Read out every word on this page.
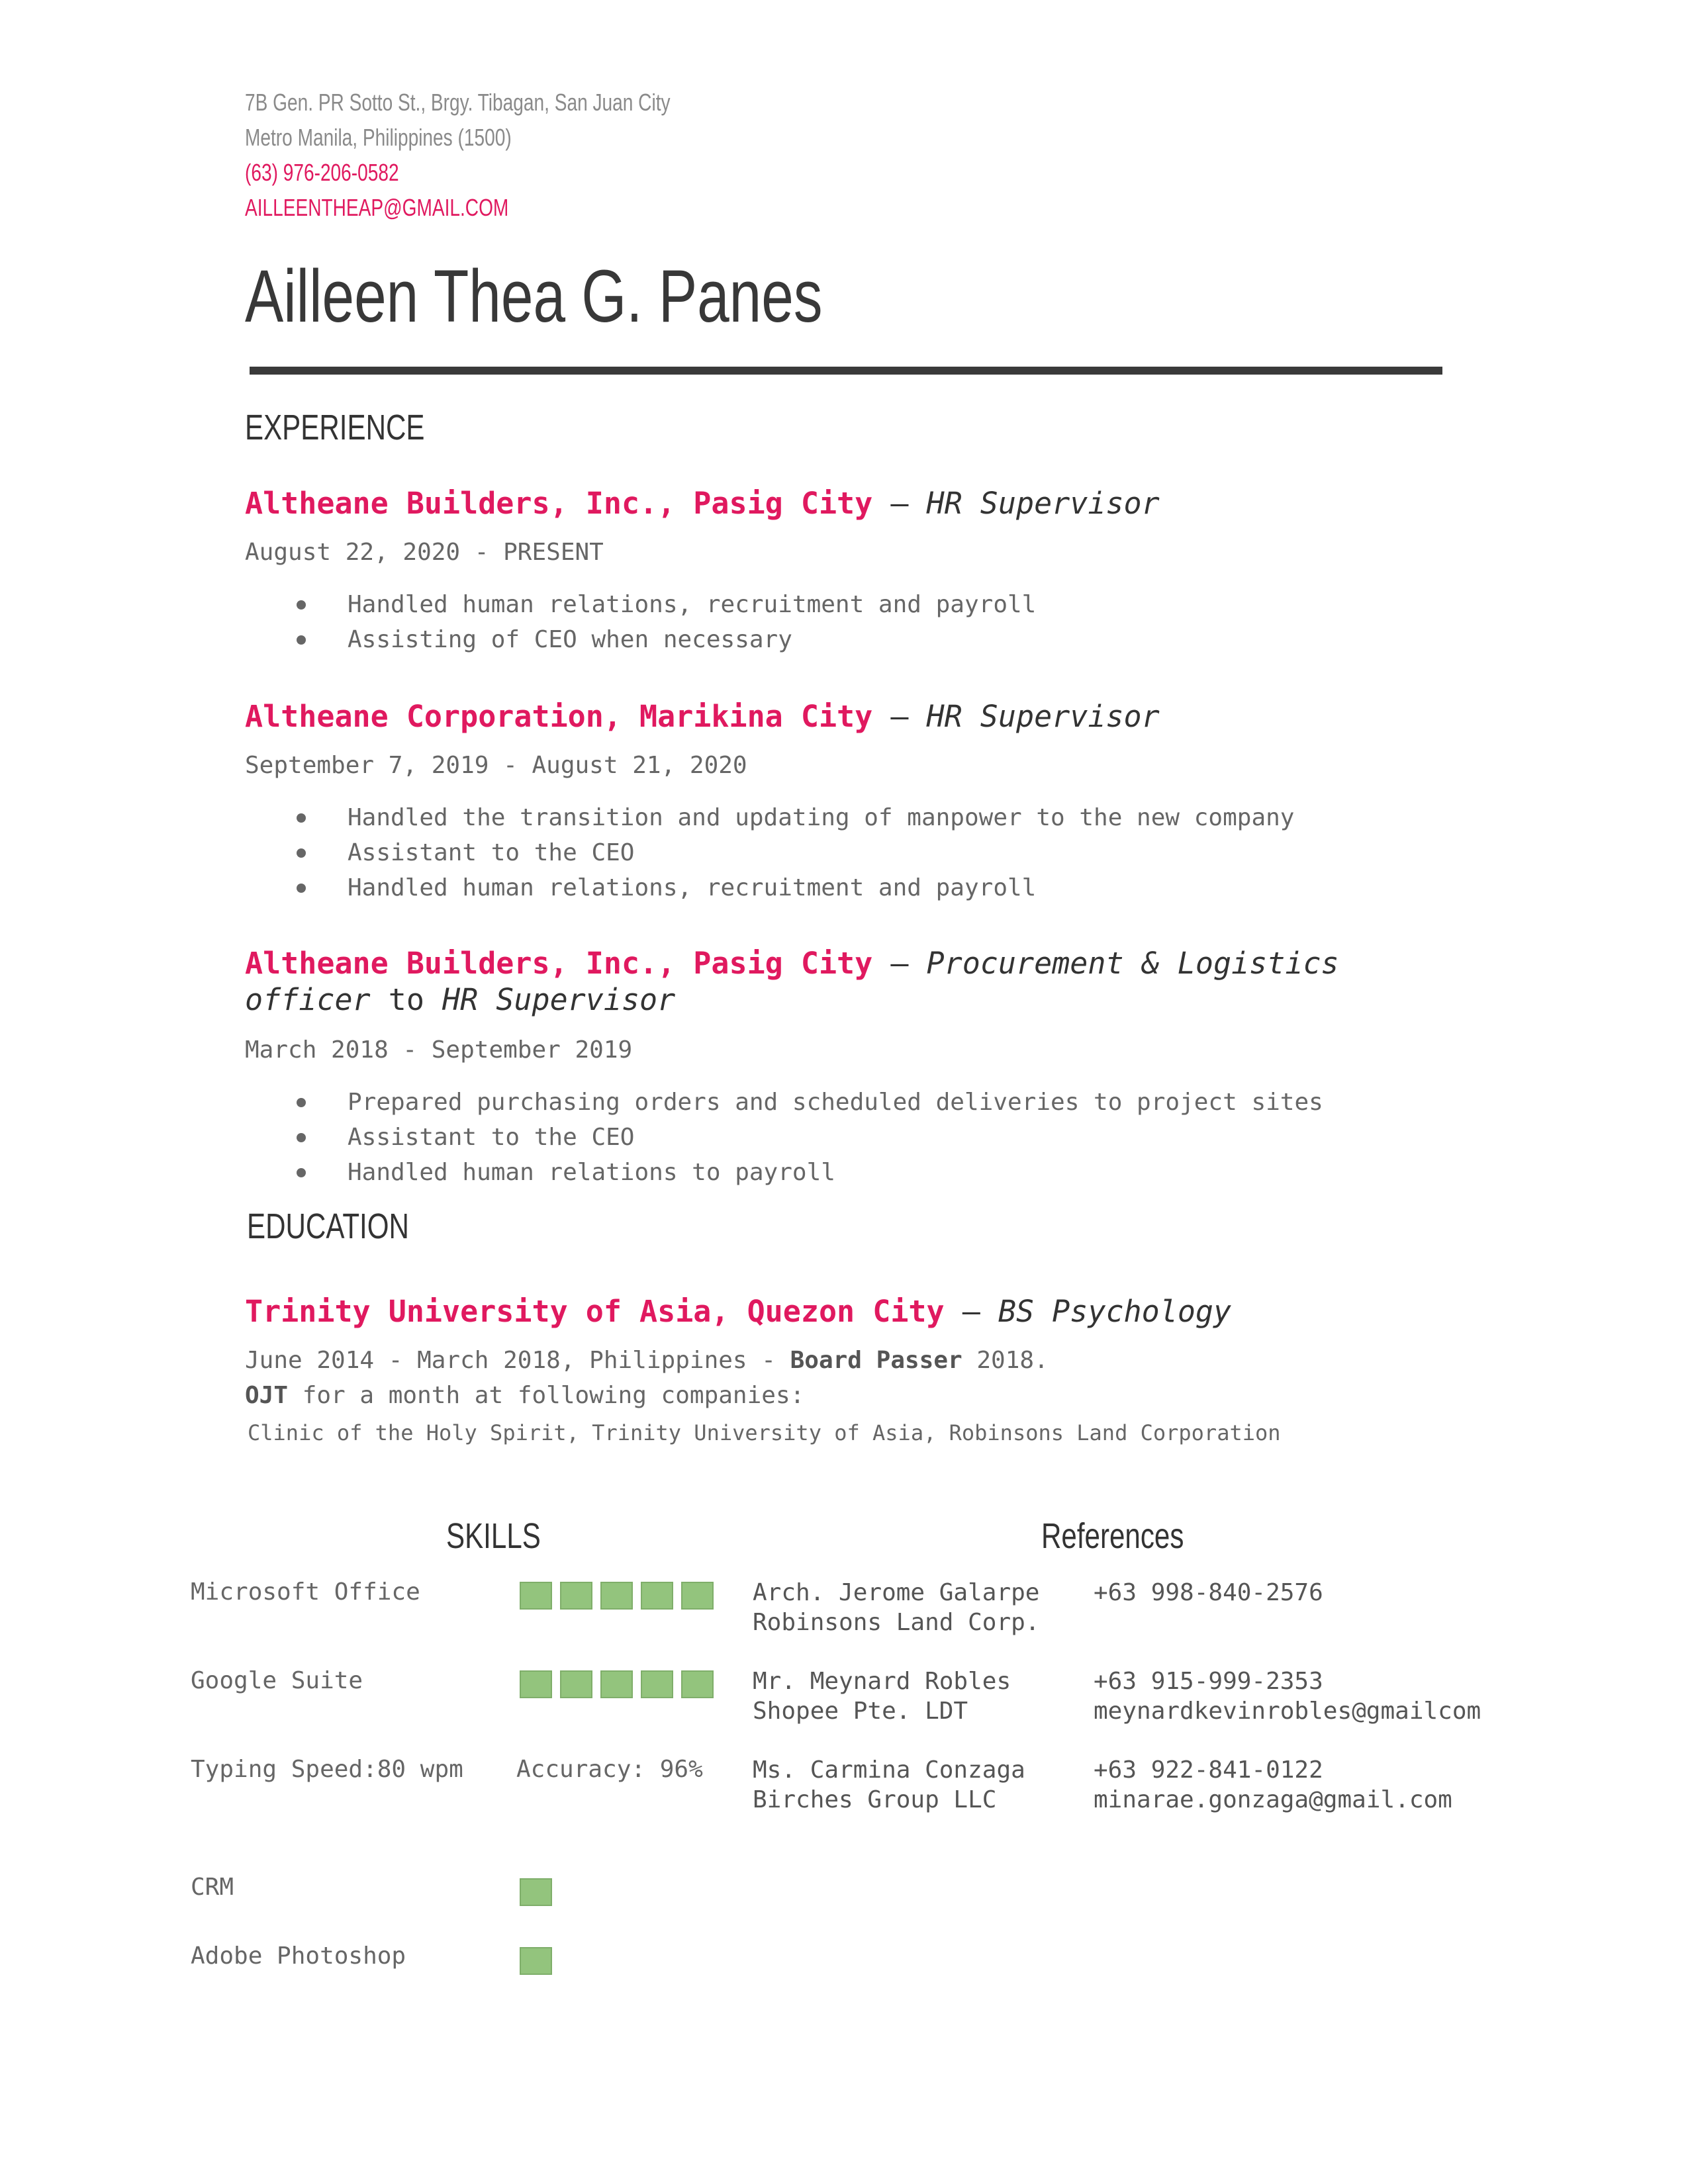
7B Gen. PR Sotto St., Brgy. Tibagan, San Juan City
Metro Manila, Philippines (1500)
(63) 976-206-0582
AILLEENTHEAP@GMAIL.COM
Ailleen Thea G. Panes
EXPERIENCE
Altheane Builders, Inc., Pasig City — HR Supervisor
August 22, 2020 - PRESENT
Handled human relations, recruitment and payroll
Assisting of CEO when necessary
Altheane Corporation, Marikina City — HR Supervisor
September 7, 2019 - August 21, 2020
Handled the transition and updating of manpower to the new company
Assistant to the CEO
Handled human relations, recruitment and payroll
Altheane Builders, Inc., Pasig City — Procurement & Logistics
officer to HR Supervisor
March 2018 - September 2019
Prepared purchasing orders and scheduled deliveries to project sites
Assistant to the CEO
Handled human relations to payroll
EDUCATION
Trinity University of Asia, Quezon City — BS Psychology
June 2014 - March 2018, Philippines - Board Passer 2018.
OJT for a month at following companies:
Clinic of the Holy Spirit, Trinity University of Asia, Robinsons Land Corporation
SKILLS
Microsoft Office
Google Suite
Typing Speed:80 wpm Accuracy: 96%
CRM
Adobe Photoshop
References
Arch. Jerome Galarpe
Robinsons Land Corp.
+63 998-840-2576
Mr. Meynard Robles
Shopee Pte. LDT
+63 915-999-2353
meynardkevinrobles@gmailcom
Ms. Carmina Conzaga
Birches Group LLC
+63 922-841-0122
minarae.gonzaga@gmail.com
